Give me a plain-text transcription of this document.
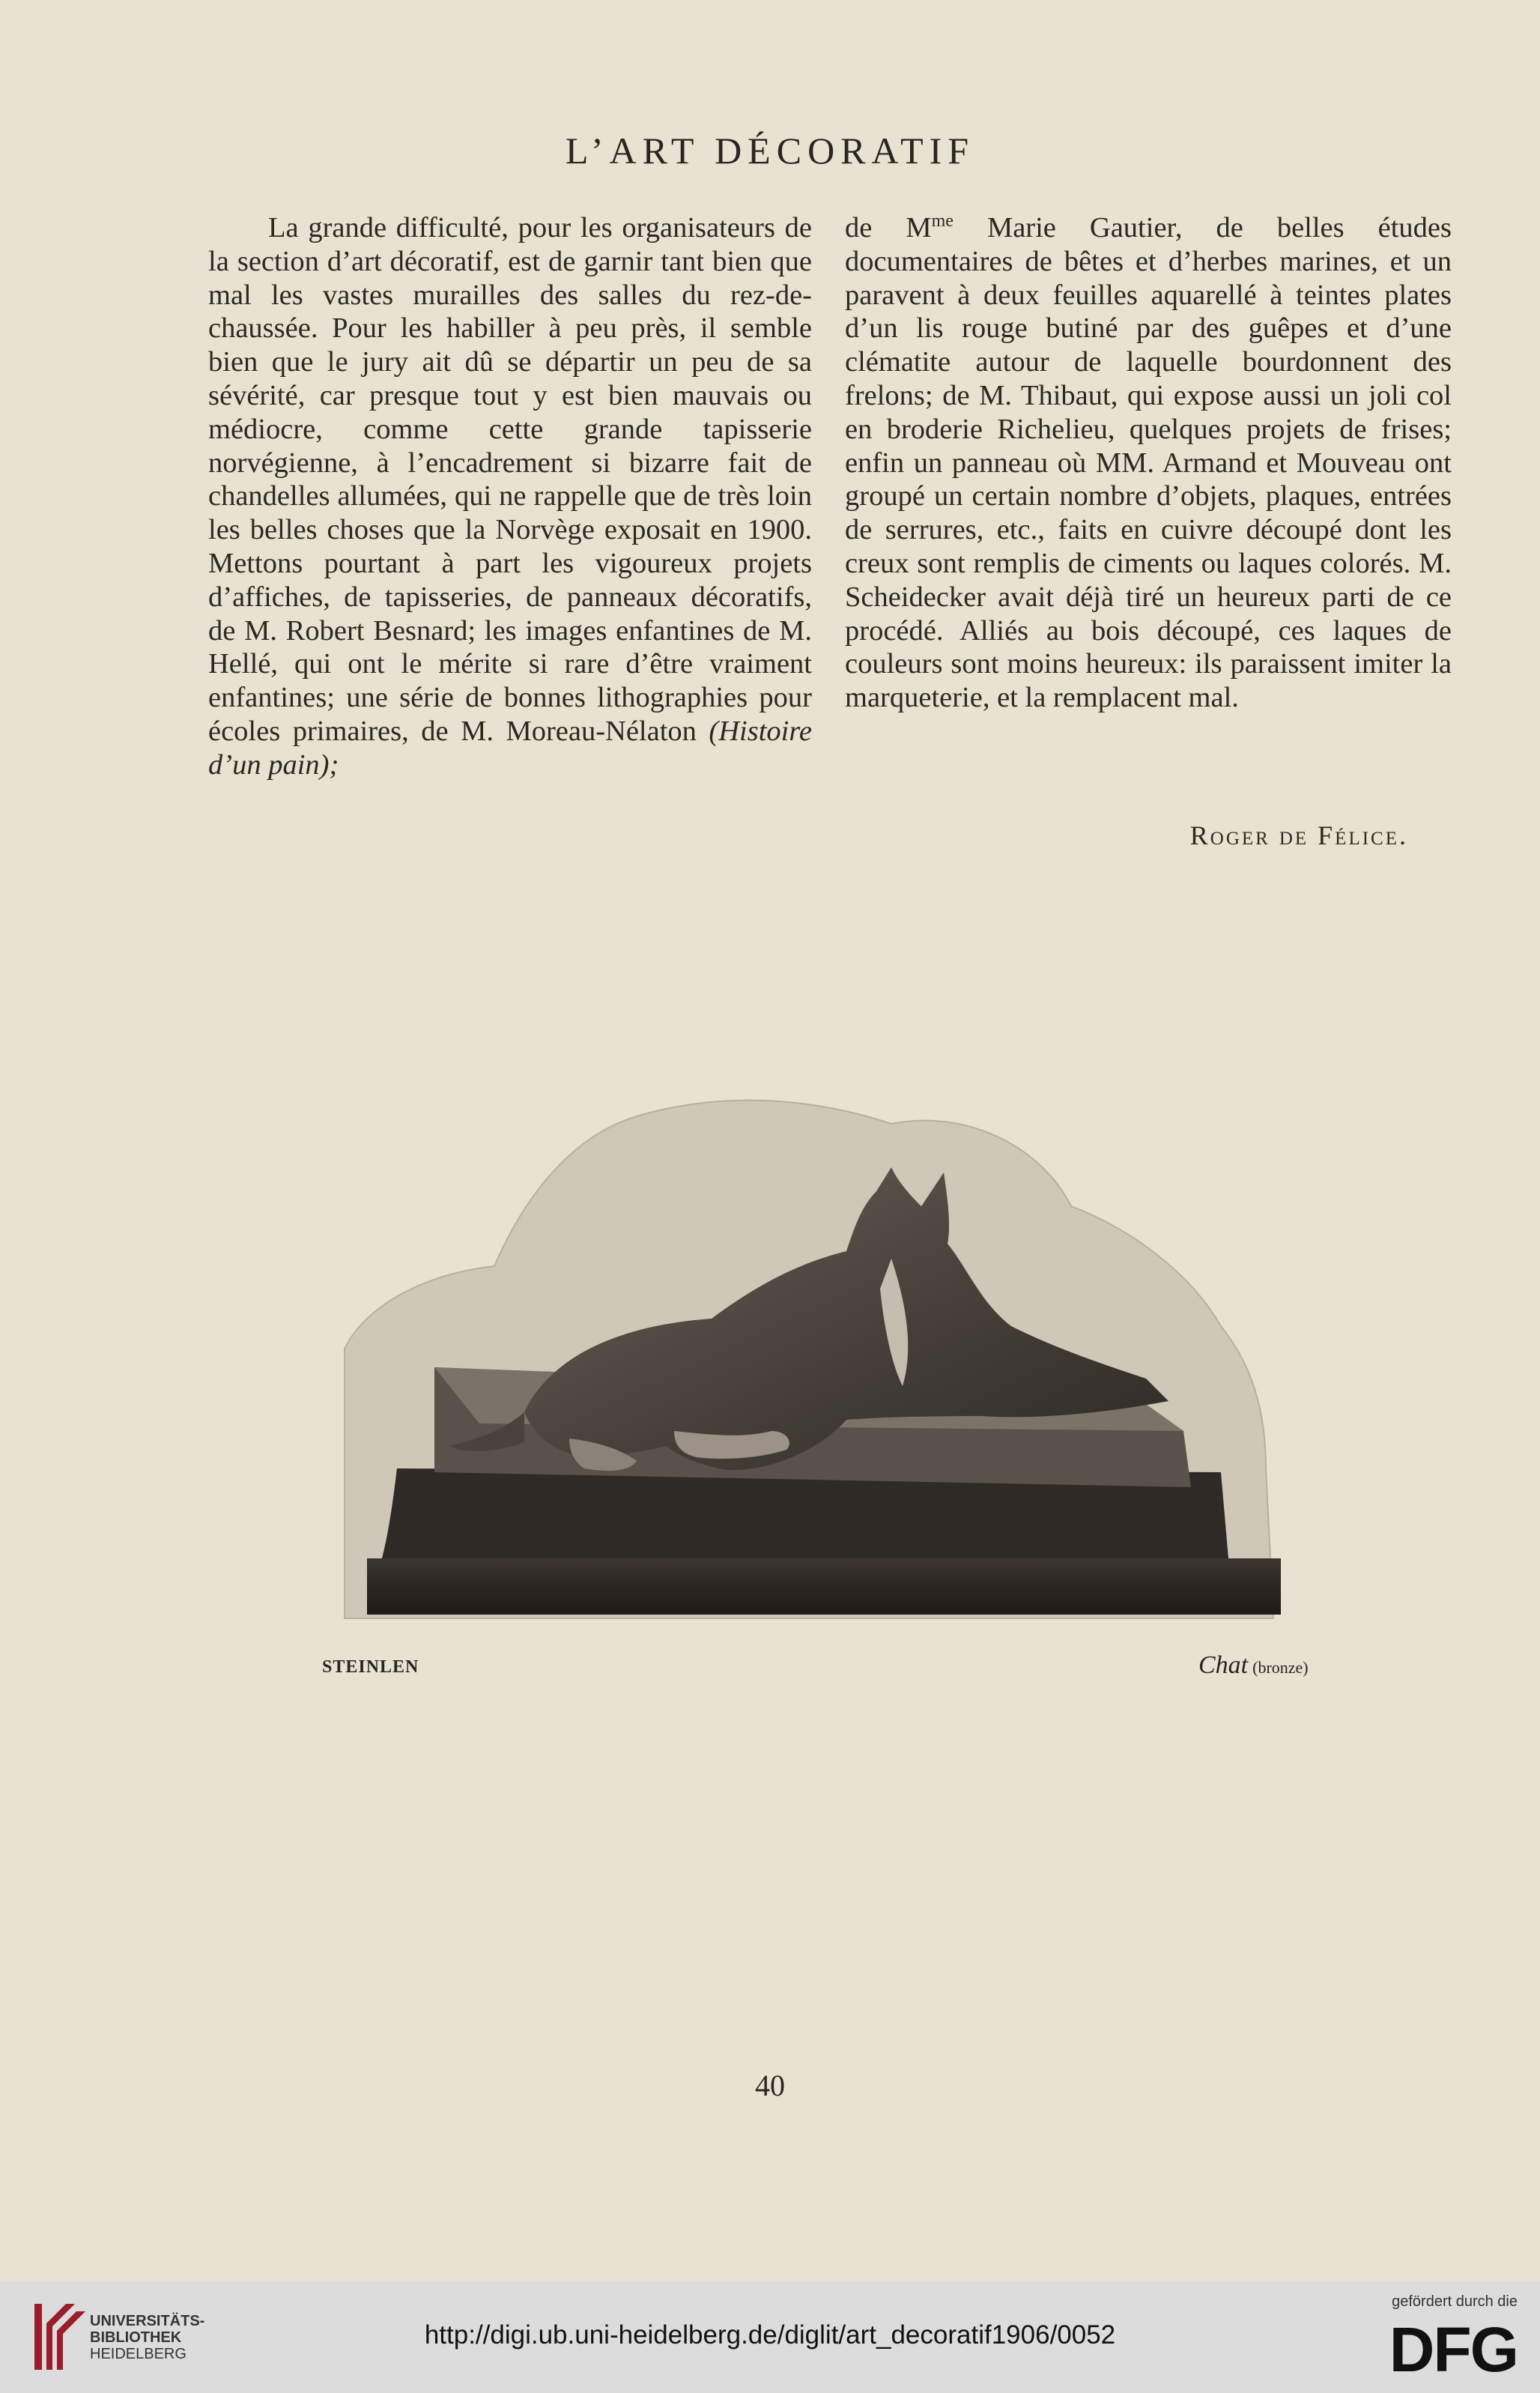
L’ART DÉCORATIF

La grande difficulté, pour les organisateurs de la section d’art décoratif, est de garnir tant bien que mal les vastes murailles des salles du rez-de-chaussée. Pour les habiller à peu près, il semble bien que le jury ait dû se départir un peu de sa sévérité, car presque tout y est bien mauvais ou médiocre, comme cette grande tapisserie norvégienne, à l’encadrement si bizarre fait de chandelles allumées, qui ne rappelle que de très loin les belles choses que la Norvège exposait en 1900. Mettons pourtant à part les vigoureux projets d’affiches, de tapisseries, de panneaux décoratifs, de M. Robert Besnard; les images enfantines de M. Hellé, qui ont le mérite si rare d’être vraiment enfantines; une série de bonnes lithographies pour écoles primaires, de M. Moreau-Nélaton (Histoire d’un pain);

de $M^{me}$ Marie Gautier, de belles études documentaires de bêtes et d’herbes marines, et un paravent à deux feuilles aquarellé à teintes plates d’un lis rouge butiné par des guêpes et d’une clématite autour de laquelle bourdonnent des frelons; de M. Thibaut, qui expose aussi un joli col en broderie Richelieu, quelques projets de frises; enfin un panneau où MM. Armand et Mouveau ont groupé un certain nombre d’objets, plaques, entrées de serrures, etc., faits en cuivre découpé dont les creux sont remplis de ciments ou laques colorés. M. Scheidecker avait déjà tiré un heureux parti de ce procédé. Alliés au bois découpé, ces laques de couleurs sont moins heureux: ils paraissent imiter la marqueterie, et la remplacent mal.

Roger de Félice.
STEINLEN	Chat (bronze)
40
UNIVERSITÄTS-
BIBLIOTHEK
HEIDELBERG
http://digi.ub.uni-heidelberg.de/diglit/art_decoratif1906/0052
gefördert durch die
DFG
